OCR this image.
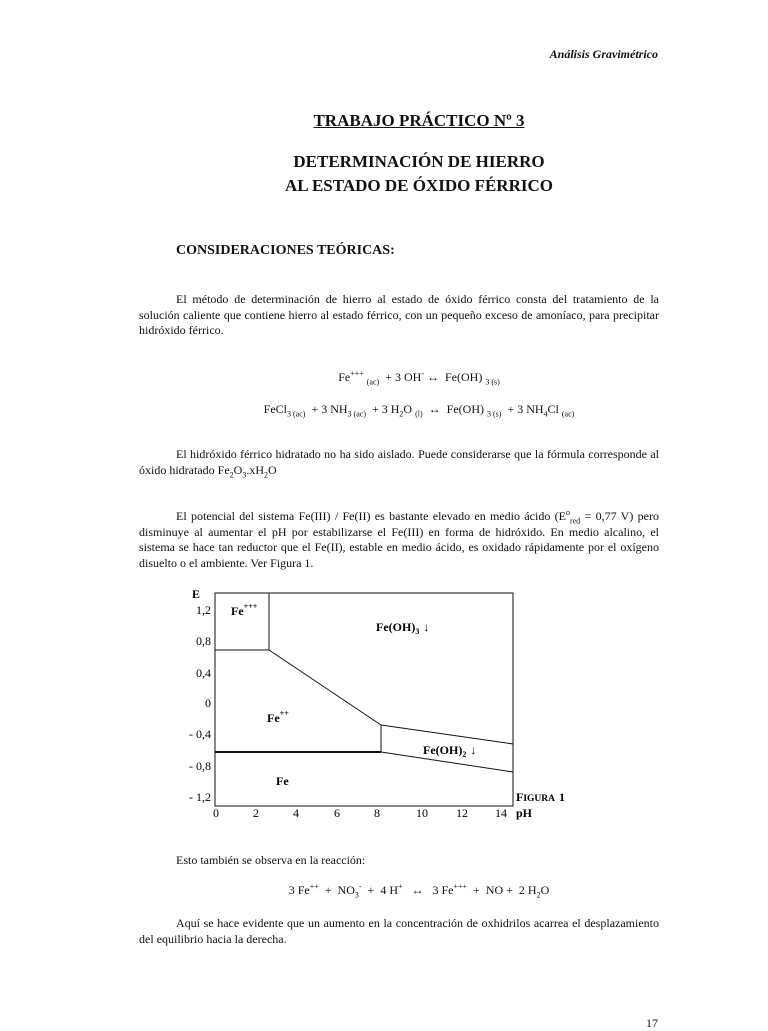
Análisis Gravimétrico
TRABAJO PRÁCTICO Nº 3
DETERMINACIÓN DE HIERRO
AL ESTADO DE ÓXIDO FÉRRICO
CONSIDERACIONES TEÓRICAS:
El método de determinación de hierro al estado de óxido férrico consta del tratamiento de la solución caliente que contiene hierro al estado férrico, con un pequeño exceso de amoníaco, para precipitar hidróxido férrico.
Fe+++ $_{(ac)}$  + 3 OH- ↔  Fe(OH) $_{3 (s)}$
FeCl$_{3 (ac)}$  + 3 $NH_{3 (ac)} + 3$ $H_2O$ $_{(l)}$  ↔  Fe(OH) $_{3 (s)}$  + 3 $NH_4Cl$ $_{(ac)}$
El hidróxido férrico hidratado no ha sido aislado. Puede considerarse que la fórmula corresponde al óxido hidratado $Fe_2O_3.xH_2O$
El potencial del sistema Fe(III) / Fe(II) es bastante elevado en medio ácido ($E^o_{red} = 0,77$ V) pero disminuye al aumentar el pH por estabilizarse el Fe(III) en forma de hidróxido. En medio alcalino, el sistema se hace tan reductor que el Fe(II), estable en medio ácido, es oxidado rápidamente por el oxígeno disuelto o el ambiente. Ver Figura 1.
E
1,2
0,8
0,4
0
- 0,4
- 0,8
- 1,2
0	2	4	6	8	10 12 14 pH
Fe+++
$Fe(OH)_3$ ↓
Fe++
$Fe(OH)_2$ ↓
Fe
FIGURA 1
Esto también se observa en la reacción:
3 $Fe^{++} + NO_3^- + 4$ H+   ↔   3 Fe+++  +  NO +  2 $H_2O$
Aquí se hace evidente que un aumento en la concentración de oxhidrilos acarrea el desplazamiento del equilibrio hacia la derecha.
17
